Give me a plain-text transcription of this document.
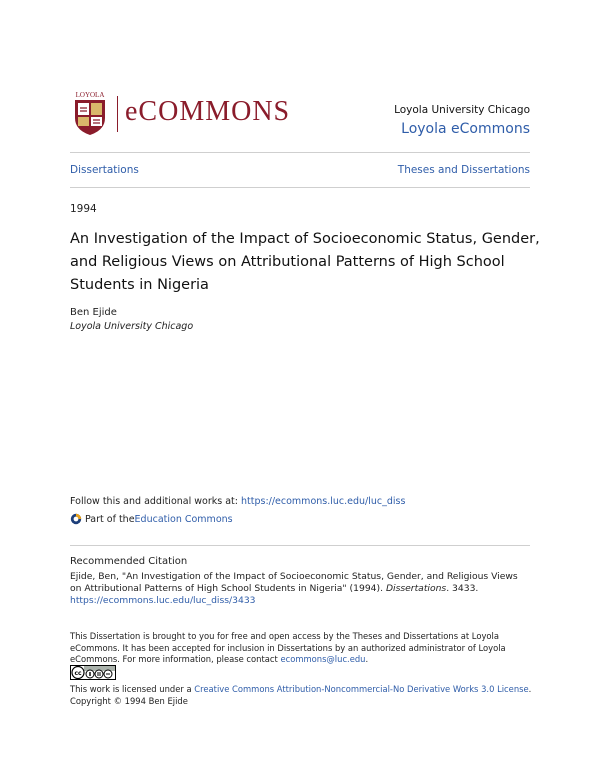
LOYOLA
eCOMMONS	Loyola University Chicago
Loyola eCommons
Dissertations	Theses and Dissertations
1994
An Investigation of the Impact of Socioeconomic Status, Gender, and Religious Views on Attributional Patterns of High School Students in Nigeria
Ben Ejide
Loyola University Chicago
Follow this and additional works at: https://ecommons.luc.edu/luc_diss
Part of the Education Commons
Recommended Citation
Ejide, Ben, "An Investigation of the Impact of Socioeconomic Status, Gender, and Religious Views on Attributional Patterns of High School Students in Nigeria" (1994). Dissertations. 3433.
https://ecommons.luc.edu/luc_diss/3433
This Dissertation is brought to you for free and open access by the Theses and Dissertations at Loyola eCommons. It has been accepted for inclusion in Dissertations by an authorized administrator of Loyola eCommons. For more information, please contact ecommons@luc.edu.
cc
This work is licensed under a Creative Commons Attribution-Noncommercial-No Derivative Works 3.0 License.
Copyright © 1994 Ben Ejide
